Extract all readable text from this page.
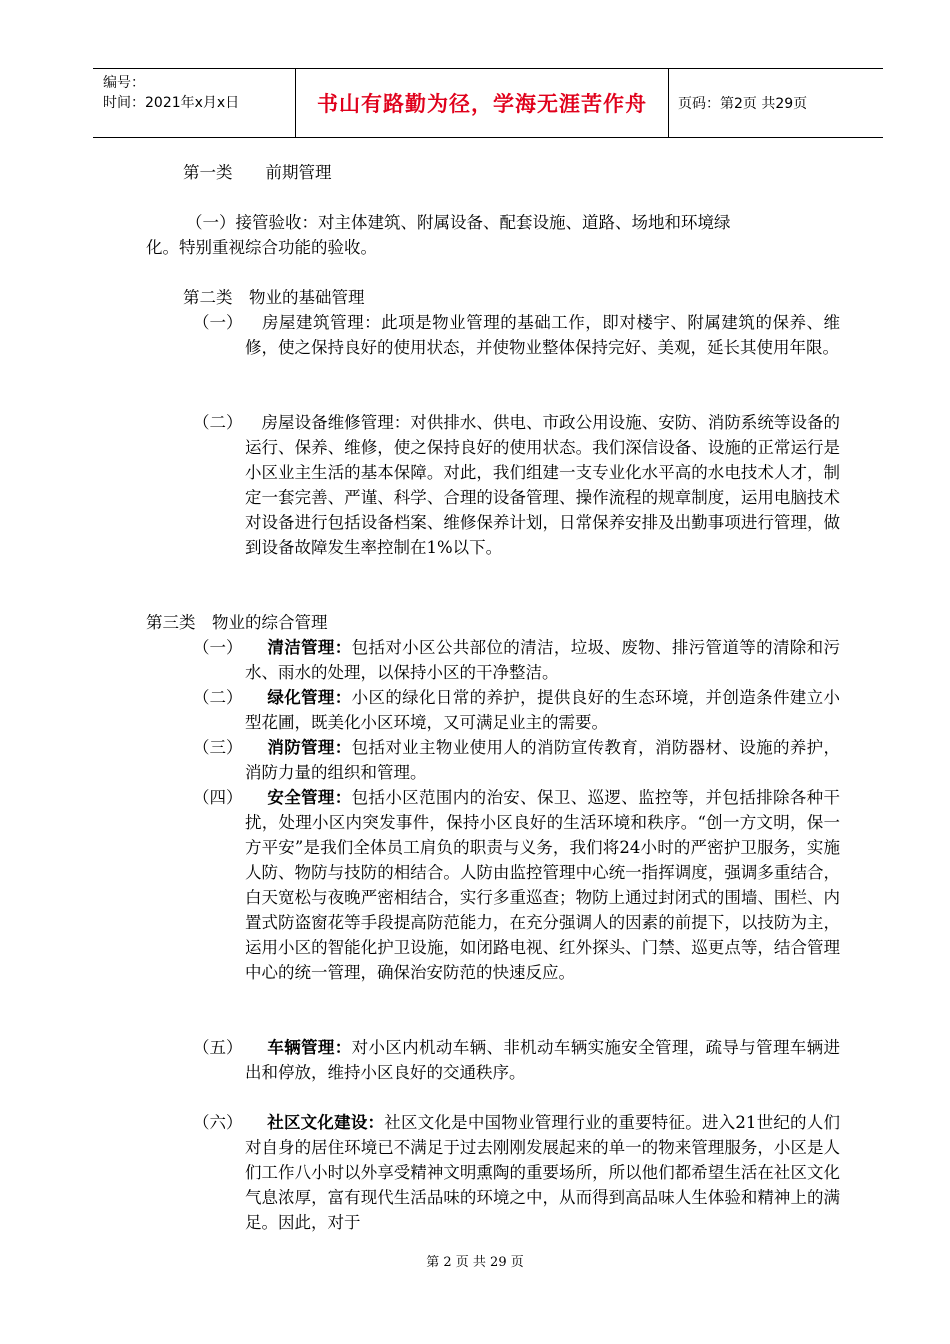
编号：
时间：2021年x月x日	书山有路勤为径，学海无涯苦作舟 页码：第2页 共29页
第一类　　前期管理
（一）接管验收：对主体建筑、附属设备、配套设施、道路、场地和环境绿
化。特别重视综合功能的验收。
第二类　物业的基础管理
（一） 　房屋建筑管理：此项是物业管理的基础工作，即对楼宇、附属建筑的保养、维修，使之保持良好的使用状态，并使物业整体保持完好、美观，延长其使用年限。
（二） 　房屋设备维修管理：对供排水、供电、市政公用设施、安防、消防系统等设备的运行、保养、维修，使之保持良好的使用状态。我们深信设备、设施的正常运行是小区业主生活的基本保障。对此，我们组建一支专业化水平高的水电技术人才，制定一套完善、严谨、科学、合理的设备管理、操作流程的规章制度，运用电脑技术对设备进行包括设备档案、维修保养计划，日常保养安排及出勤事项进行管理，做到设备故障发生率控制在1%以下。
第三类　物业的综合管理
（一）	清洁管理：包括对小区公共部位的清洁，垃圾、废物、排污管道等的清除和污水、雨水的处理，以保持小区的干净整洁。
（二）	绿化管理：小区的绿化日常的养护，提供良好的生态环境，并创造条件建立小型花圃，既美化小区环境，又可满足业主的需要。
（三）	消防管理：包括对业主物业使用人的消防宣传教育，消防器材、设施的养护，消防力量的组织和管理。
（四）	安全管理：包括小区范围内的治安、保卫、巡逻、监控等，并包括排除各种干扰，处理小区内突发事件，保持小区良好的生活环境和秩序。“创一方文明，保一方平安”是我们全体员工肩负的职责与义务，我们将24小时的严密护卫服务，实施人防、物防与技防的相结合。人防由监控管理中心统一指挥调度，强调多重结合，白天宽松与夜晚严密相结合，实行多重巡查；物防上通过封闭式的围墙、围栏、内置式防盗窗花等手段提高防范能力，在充分强调人的因素的前提下，以技防为主，运用小区的智能化护卫设施，如闭路电视、红外探头、门禁、巡更点等，结合管理中心的统一管理，确保治安防范的快速反应。
（五）	车辆管理：对小区内机动车辆、非机动车辆实施安全管理，疏导与管理车辆进出和停放，维持小区良好的交通秩序。
（六）	社区文化建设：社区文化是中国物业管理行业的重要特征。进入21世纪的人们对自身的居住环境已不满足于过去刚刚发展起来的单一的物来管理服务，小区是人们工作八小时以外享受精神文明熏陶的重要场所，所以他们都希望生活在社区文化气息浓厚，富有现代生活品味的环境之中，从而得到高品味人生体验和精神上的满足。因此，对于
第 2 页 共 29 页
